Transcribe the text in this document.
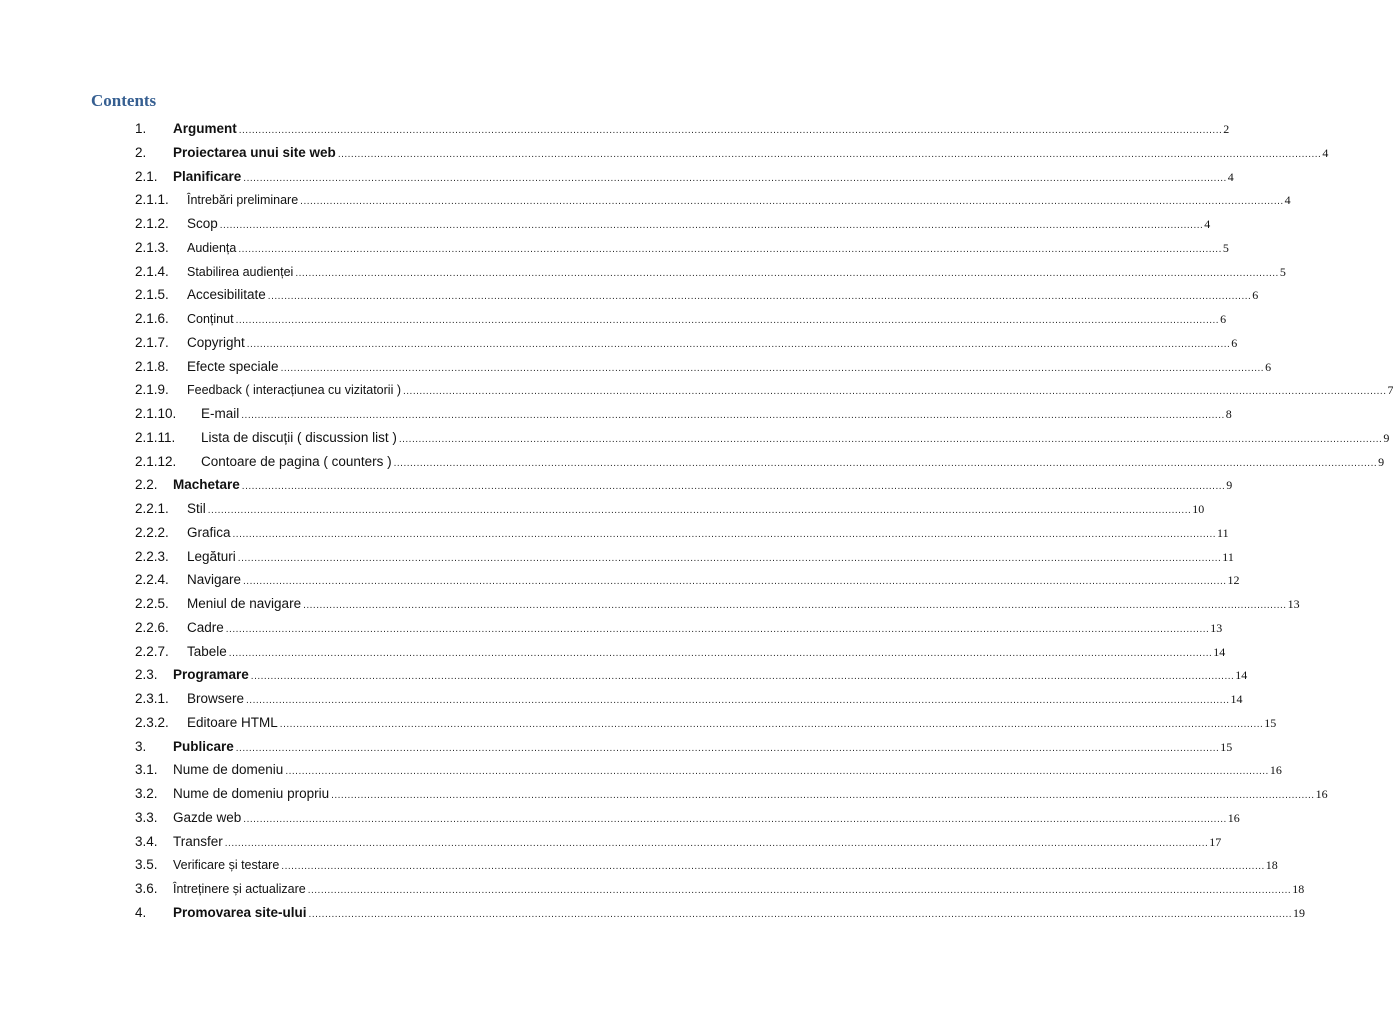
Contents
1. Argument ............................................................................................................................................................................................................................................................................................................ 2
2. Proiectarea unui site web ............................................................................................................................................................................................................................................................................................................ 4
2.1. Planificare ............................................................................................................................................................................................................................................................................................................ 4
2.1.1. Întrebări preliminare ............................................................................................................................................................................................................................................................................................................ 4
2.1.2. Scop ............................................................................................................................................................................................................................................................................................................ 4
2.1.3. Audiența ............................................................................................................................................................................................................................................................................................................ 5
2.1.4. Stabilirea audienței ............................................................................................................................................................................................................................................................................................................ 5
2.1.5. Accesibilitate ............................................................................................................................................................................................................................................................................................................ 6
2.1.6. Conținut ............................................................................................................................................................................................................................................................................................................ 6
2.1.7. Copyright ............................................................................................................................................................................................................................................................................................................ 6
2.1.8. Efecte speciale ............................................................................................................................................................................................................................................................................................................ 6
2.1.9. Feedback ( interacțiunea cu vizitatorii ) ............................................................................................................................................................................................................................................................................................................ 7
2.1.10. E-mail ............................................................................................................................................................................................................................................................................................................ 8
2.1.11. Lista de discuții ( discussion list ) ............................................................................................................................................................................................................................................................................................................ 9
2.1.12. Contoare de pagina ( counters ) ............................................................................................................................................................................................................................................................................................................ 9
2.2. Machetare ............................................................................................................................................................................................................................................................................................................ 9
2.2.1. Stil ............................................................................................................................................................................................................................................................................................................ 10
2.2.2. Grafica ............................................................................................................................................................................................................................................................................................................ 11
2.2.3. Legături ............................................................................................................................................................................................................................................................................................................ 11
2.2.4. Navigare ............................................................................................................................................................................................................................................................................................................ 12
2.2.5. Meniul de navigare ............................................................................................................................................................................................................................................................................................................ 13
2.2.6. Cadre ............................................................................................................................................................................................................................................................................................................ 13
2.2.7. Tabele ............................................................................................................................................................................................................................................................................................................ 14
2.3. Programare ............................................................................................................................................................................................................................................................................................................ 14
2.3.1. Browsere ............................................................................................................................................................................................................................................................................................................ 14
2.3.2. Editoare HTML ............................................................................................................................................................................................................................................................................................................ 15
3. Publicare ............................................................................................................................................................................................................................................................................................................ 15
3.1. Nume de domeniu ............................................................................................................................................................................................................................................................................................................ 16
3.2. Nume de domeniu propriu ............................................................................................................................................................................................................................................................................................................ 16
3.3. Gazde web ............................................................................................................................................................................................................................................................................................................ 16
3.4. Transfer ............................................................................................................................................................................................................................................................................................................ 17
3.5. Verificare și testare ............................................................................................................................................................................................................................................................................................................ 18
3.6. Întreținere și actualizare ............................................................................................................................................................................................................................................................................................................ 18
4. Promovarea site-ului ............................................................................................................................................................................................................................................................................................................ 19
